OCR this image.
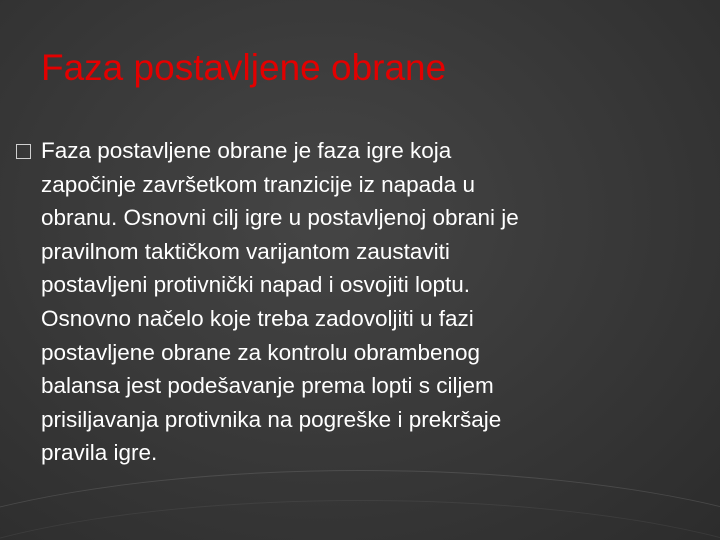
Faza postavljene obrane

Faza postavljene obrane je faza igre koja
započinje završetkom tranzicije iz napada u
obranu. Osnovni cilj igre u postavljenoj obrani je
pravilnom taktičkom varijantom zaustaviti
postavljeni protivnički napad i osvojiti loptu.
Osnovno načelo koje treba zadovoljiti u fazi
postavljene obrane za kontrolu obrambenog
balansa jest podešavanje prema lopti s ciljem
prisiljavanja protivnika na pogreške i prekršaje
pravila igre.
